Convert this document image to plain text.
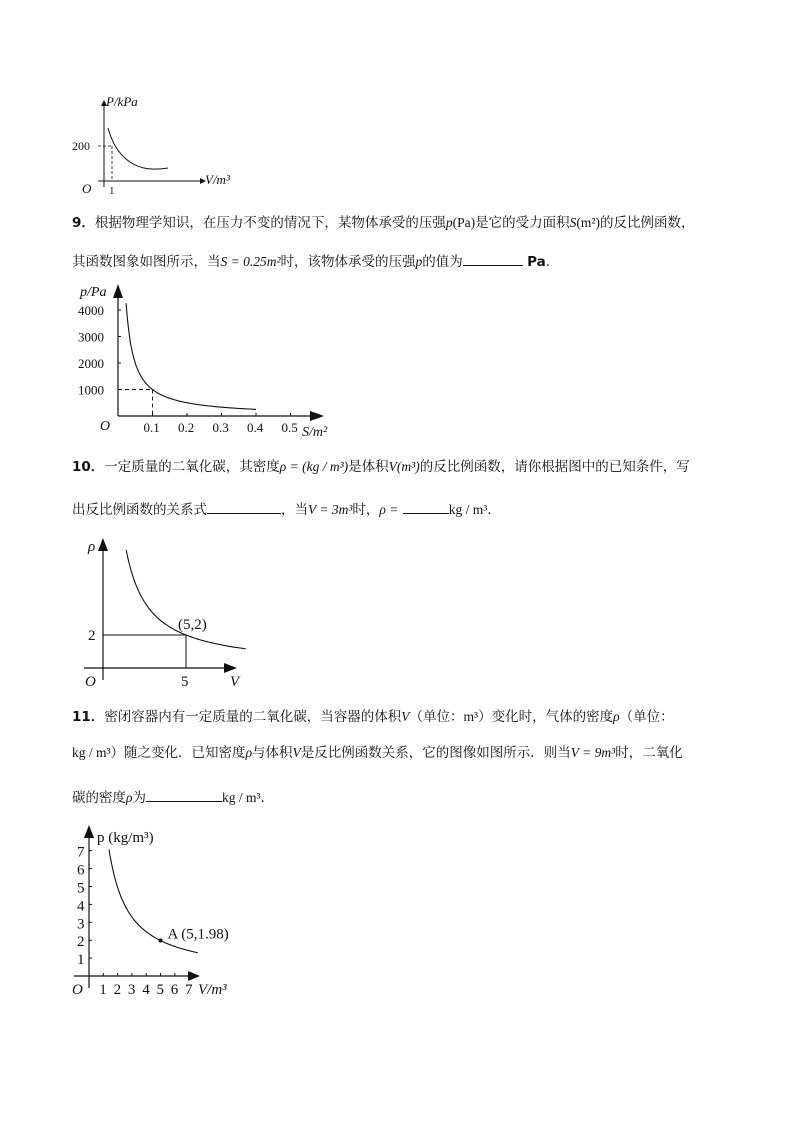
P/kPa
V/m³
O
200
1
9．根据物理学知识，在压力不变的情况下，某物体承受的压强p(Pa)是它的受力面积S(m²)的反比例函数，
其函数图象如图所示，当S = 0.25m²时，该物体承受的压强p的值为	Pa.
0.1 0.2 0.3 0.4 0.5
1000
2000
3000
4000
p/Pa
S/m²
O
10．一定质量的二氧化碳，其密度ρ = (kg / m³)是体积V(m³)的反比例函数，请你根据图中的已知条件，写
出反比例函数的关系式	，当V = 3m³时，ρ =	kg / m³.
(5,2)
2
5
O	V
ρ
11．密闭容器内有一定质量的二氧化碳，当容器的体积V（单位：m³）变化时，气体的密度ρ（单位：
kg / m³）随之变化．已知密度ρ与体积V是反比例函数关系，它的图像如图所示．则当V = 9m³时，二氧化
碳的密度ρ为	kg / m³.
1
2
3
4
5
6
7
1 2 3 4 5 6 7
A (5,1.98)
O	V/m³
p (kg/m³)
